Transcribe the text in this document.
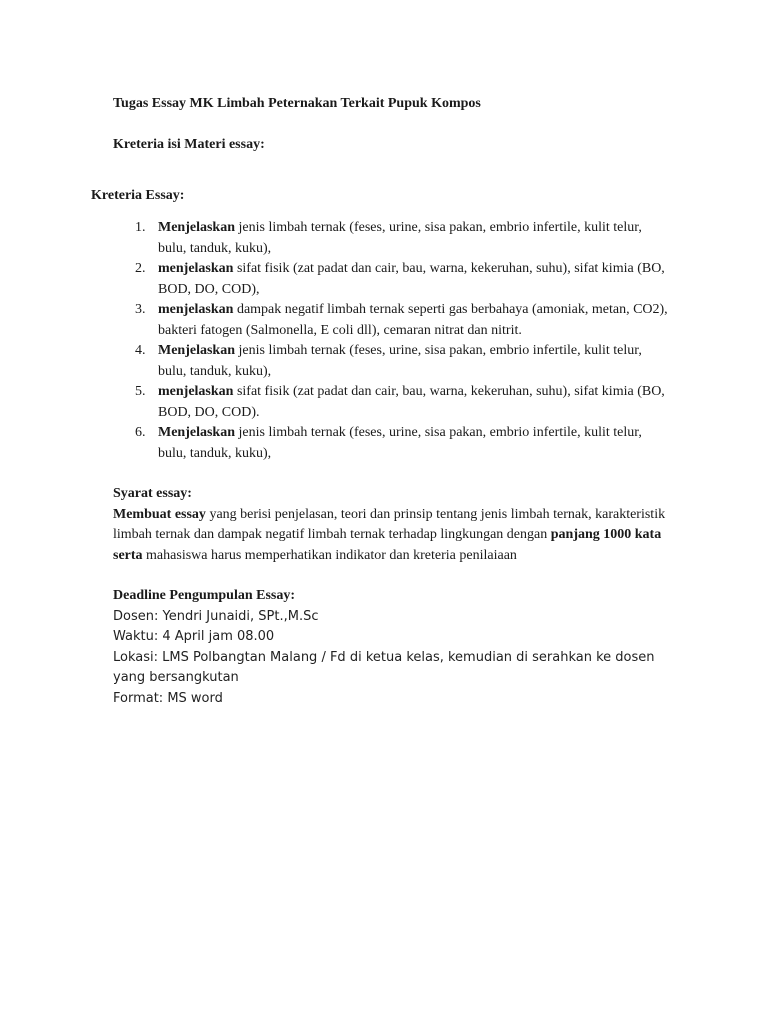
Tugas Essay MK Limbah Peternakan Terkait Pupuk Kompos

Kreteria isi Materi essay:

Kreteria Essay:

1. Menjelaskan jenis limbah ternak (feses, urine, sisa pakan, embrio infertile, kulit telur, bulu, tanduk, kuku),
2. menjelaskan sifat fisik (zat padat dan cair, bau, warna, kekeruhan, suhu), sifat kimia (BO, BOD, DO, COD),
3. menjelaskan dampak negatif limbah ternak seperti gas berbahaya (amoniak, metan, CO2), bakteri fatogen (Salmonella, E coli dll), cemaran nitrat dan nitrit.
4. Menjelaskan jenis limbah ternak (feses, urine, sisa pakan, embrio infertile, kulit telur, bulu, tanduk, kuku),
5. menjelaskan sifat fisik (zat padat dan cair, bau, warna, kekeruhan, suhu), sifat kimia (BO, BOD, DO, COD).
6. Menjelaskan jenis limbah ternak (feses, urine, sisa pakan, embrio infertile, kulit telur, bulu, tanduk, kuku),
Syarat essay:
Membuat essay yang berisi penjelasan, teori dan prinsip tentang jenis limbah ternak, karakteristik limbah ternak dan dampak negatif limbah ternak terhadap lingkungan dengan panjang 1000 kata serta mahasiswa harus memperhatikan indikator dan kreteria penilaiaan
Deadline Pengumpulan Essay:
Dosen: Yendri Junaidi, SPt.,M.Sc
Waktu: 4 April jam 08.00
Lokasi: LMS Polbangtan Malang / Fd di ketua kelas, kemudian di serahkan ke dosen yang bersangkutan
Format: MS word
